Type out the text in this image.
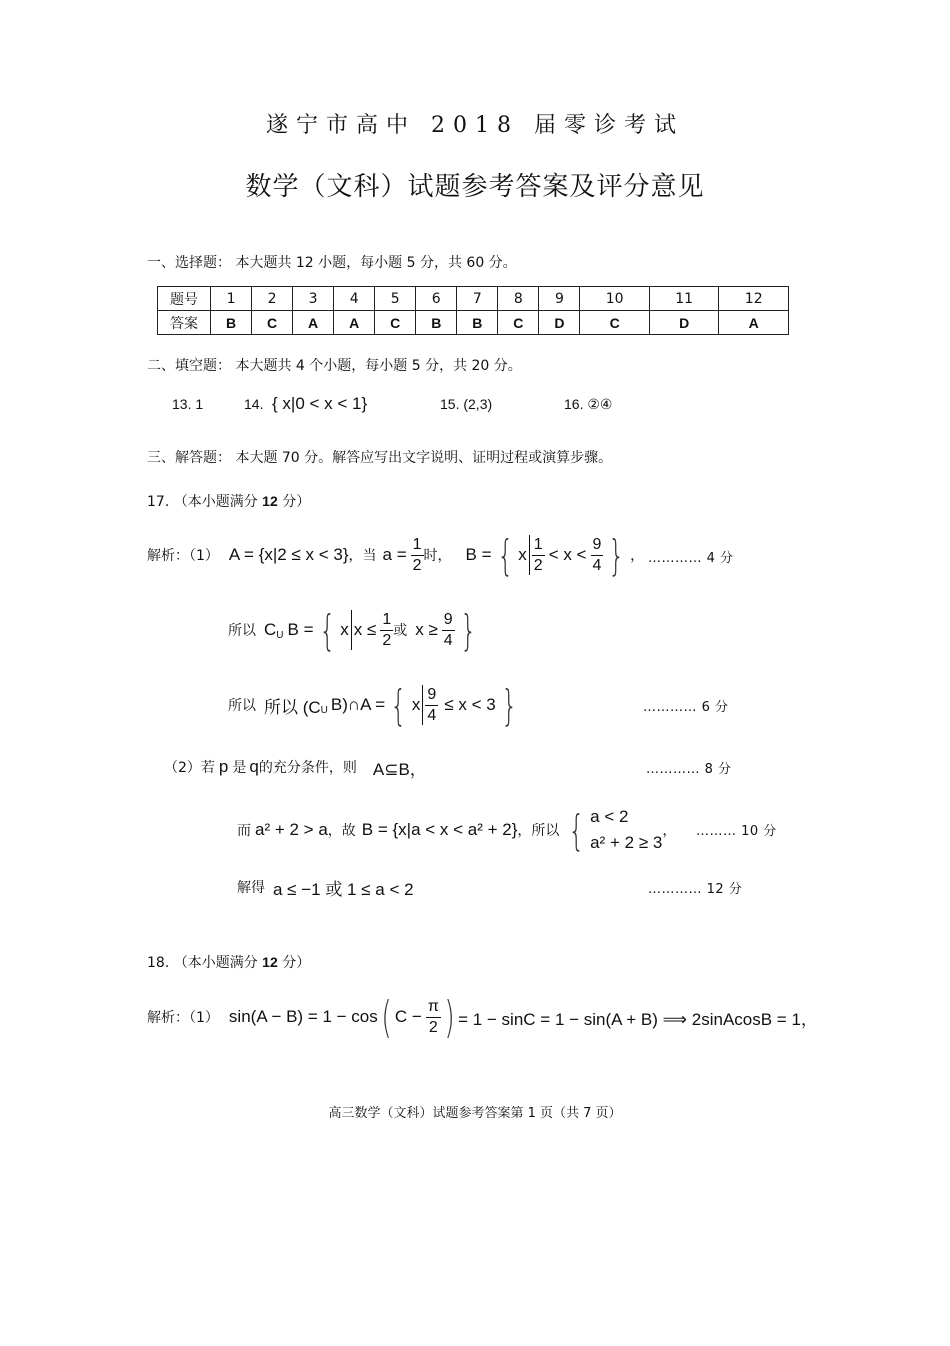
遂宁市高中 2018 届零诊考试
数学（文科）试题参考答案及评分意见
一、选择题： 本大题共 12 小题，每小题 5 分，共 60 分。
题号	1	2	3	4	5	6	7	8	9	10	11	12
答案	B	C	A	A	C	B	B	C	D	C	D	A
二、填空题： 本大题共 4 个小题，每小题 5 分，共 20 分。
13. 1	14. { x|0 < x < 1}	15. (2,3)	16. ②④
三、解答题： 本大题 70 分。解答应写出文字说明、证明过程或演算步骤。
17. （本小题满分 12 分）
解析：（1） A = {x|2 ≤ x < 3} ，当 $a = \frac{1}{2}$ 时， B = { x $\frac{1}{2} < x < \frac{9}{4}$ } ， ………… 4 分
所以 C U B = { x $x \le \frac{1}{2}$ 或 $x \ge \frac{9}{4}$ }
所以 所以 (C U B)∩A = { x $\frac{9}{4} \le x < 3$ }	………… 6 分
（2）若 p 是 q 的充分条件，则 A⊆B，	………… 8 分
而 a² + 2 > a ，故 B = {x|a < x < a² + 2} ，所以 { a < 2
a² + 2 ≥ 3
， ……… 10 分
解得 a ≤ −1 或 1 ≤ a < 2	………… 12 分
18. （本小题满分 12 分）
解析：（1） sin(A − B) = 1 − cos ( $C - \frac{\pi}{2}$ ) = 1 − sinC = 1 − sin(A + B) ⟹ 2sinAcosB = 1，
高三数学（文科）试题参考答案第 1 页（共 7 页）
